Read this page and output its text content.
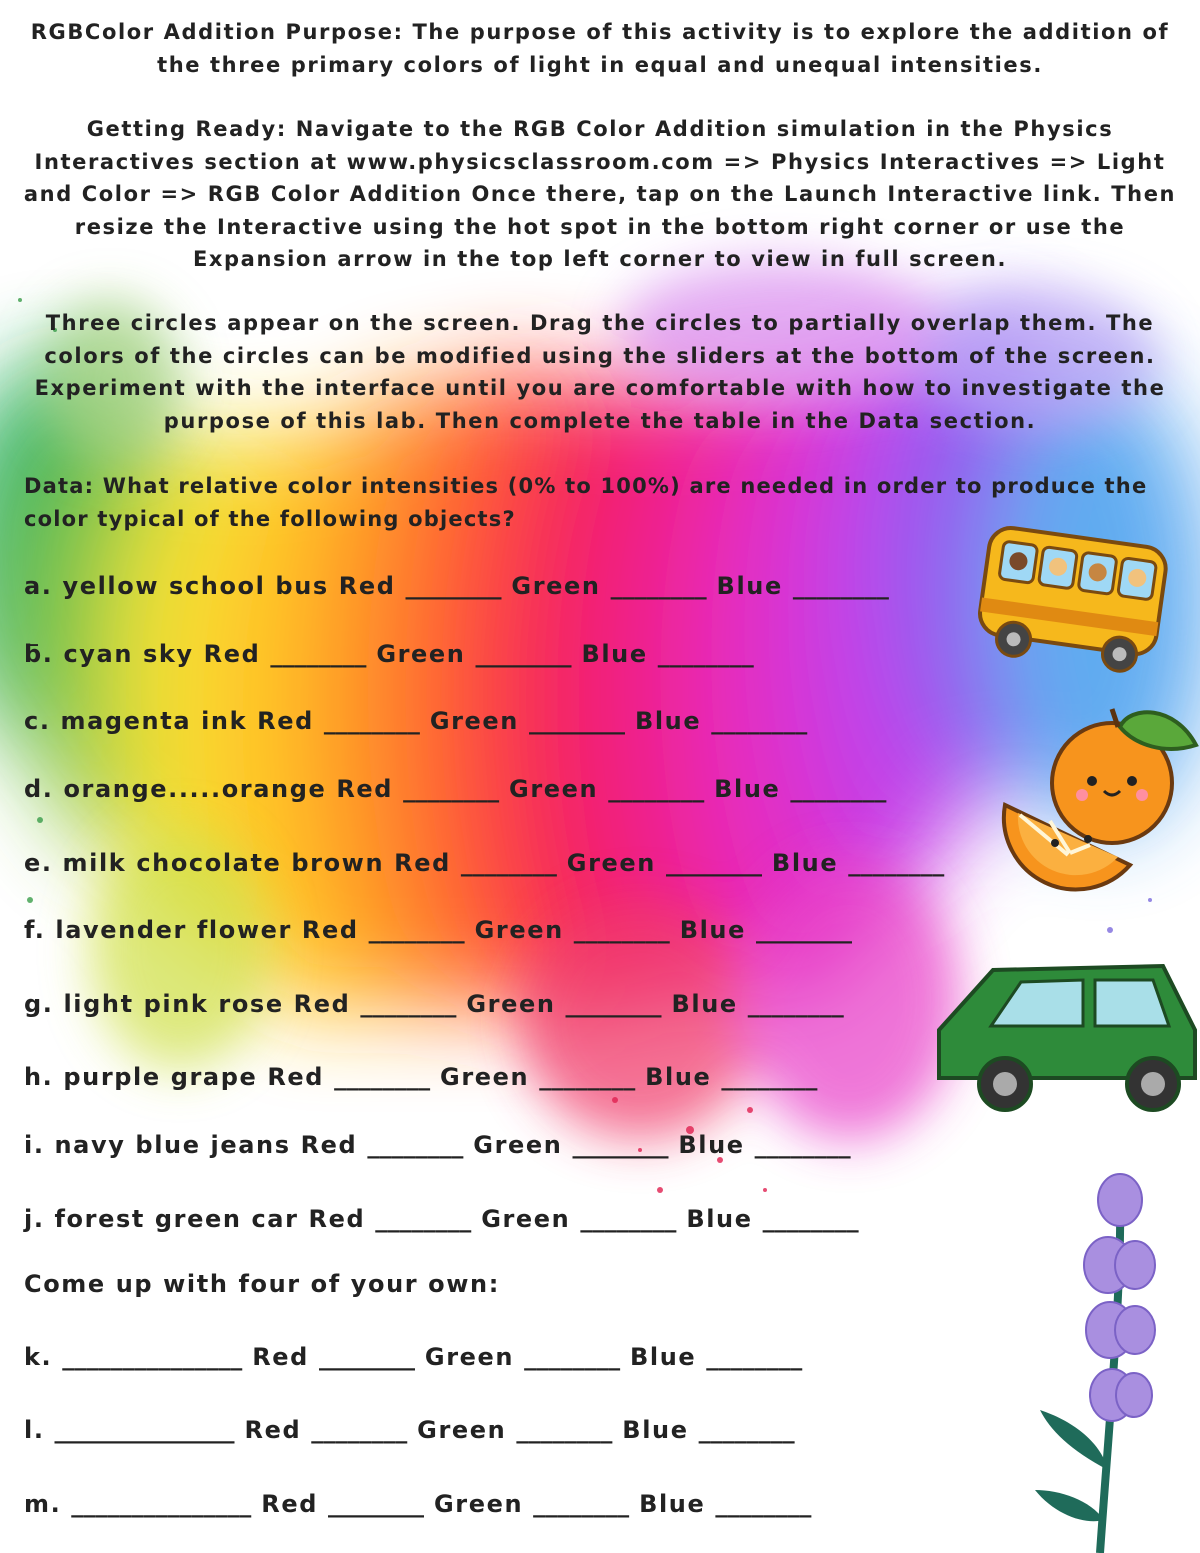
RGBColor Addition Purpose: The purpose of this activity is to explore the addition of the three primary colors of light in equal and unequal intensities.

Getting Ready: Navigate to the RGB Color Addition simulation in the Physics Interactives section at www.physicsclassroom.com => Physics Interactives => Light and Color => RGB Color Addition Once there, tap on the Launch Interactive link. Then resize the Interactive using the hot spot in the bottom right corner or use the Expansion arrow in the top left corner to view in full screen.

Three circles appear on the screen. Drag the circles to partially overlap them. The colors of the circles can be modified using the sliders at the bottom of the screen. Experiment with the interface until you are comfortable with how to investigate the purpose of this lab. Then complete the table in the Data section.

Data: What relative color intensities (0% to 100%) are needed in order to produce the color typical of the following objects?

a. yellow school bus Red ________ Green ________ Blue ________
_
b. cyan sky Red ________ Green ________ Blue ________
c. magenta ink Red ________ Green ________ Blue ________
d. orange.....orange Red ________ Green ________ Blue ________
e. milk chocolate brown Red ________ Green ________ Blue ________
f. lavender flower Red ________ Green ________ Blue ________
g. light pink rose Red ________ Green ________ Blue ________
h. purple grape Red ________ Green ________ Blue ________
i. navy blue jeans Red ________ Green ________ Blue ________
j. forest green car Red ________ Green ________ Blue ________
Come up with four of your own:
k. _______________ Red ________ Green ________ Blue ________
l. _______________ Red ________ Green ________ Blue ________
m. _______________ Red ________ Green ________ Blue ________
